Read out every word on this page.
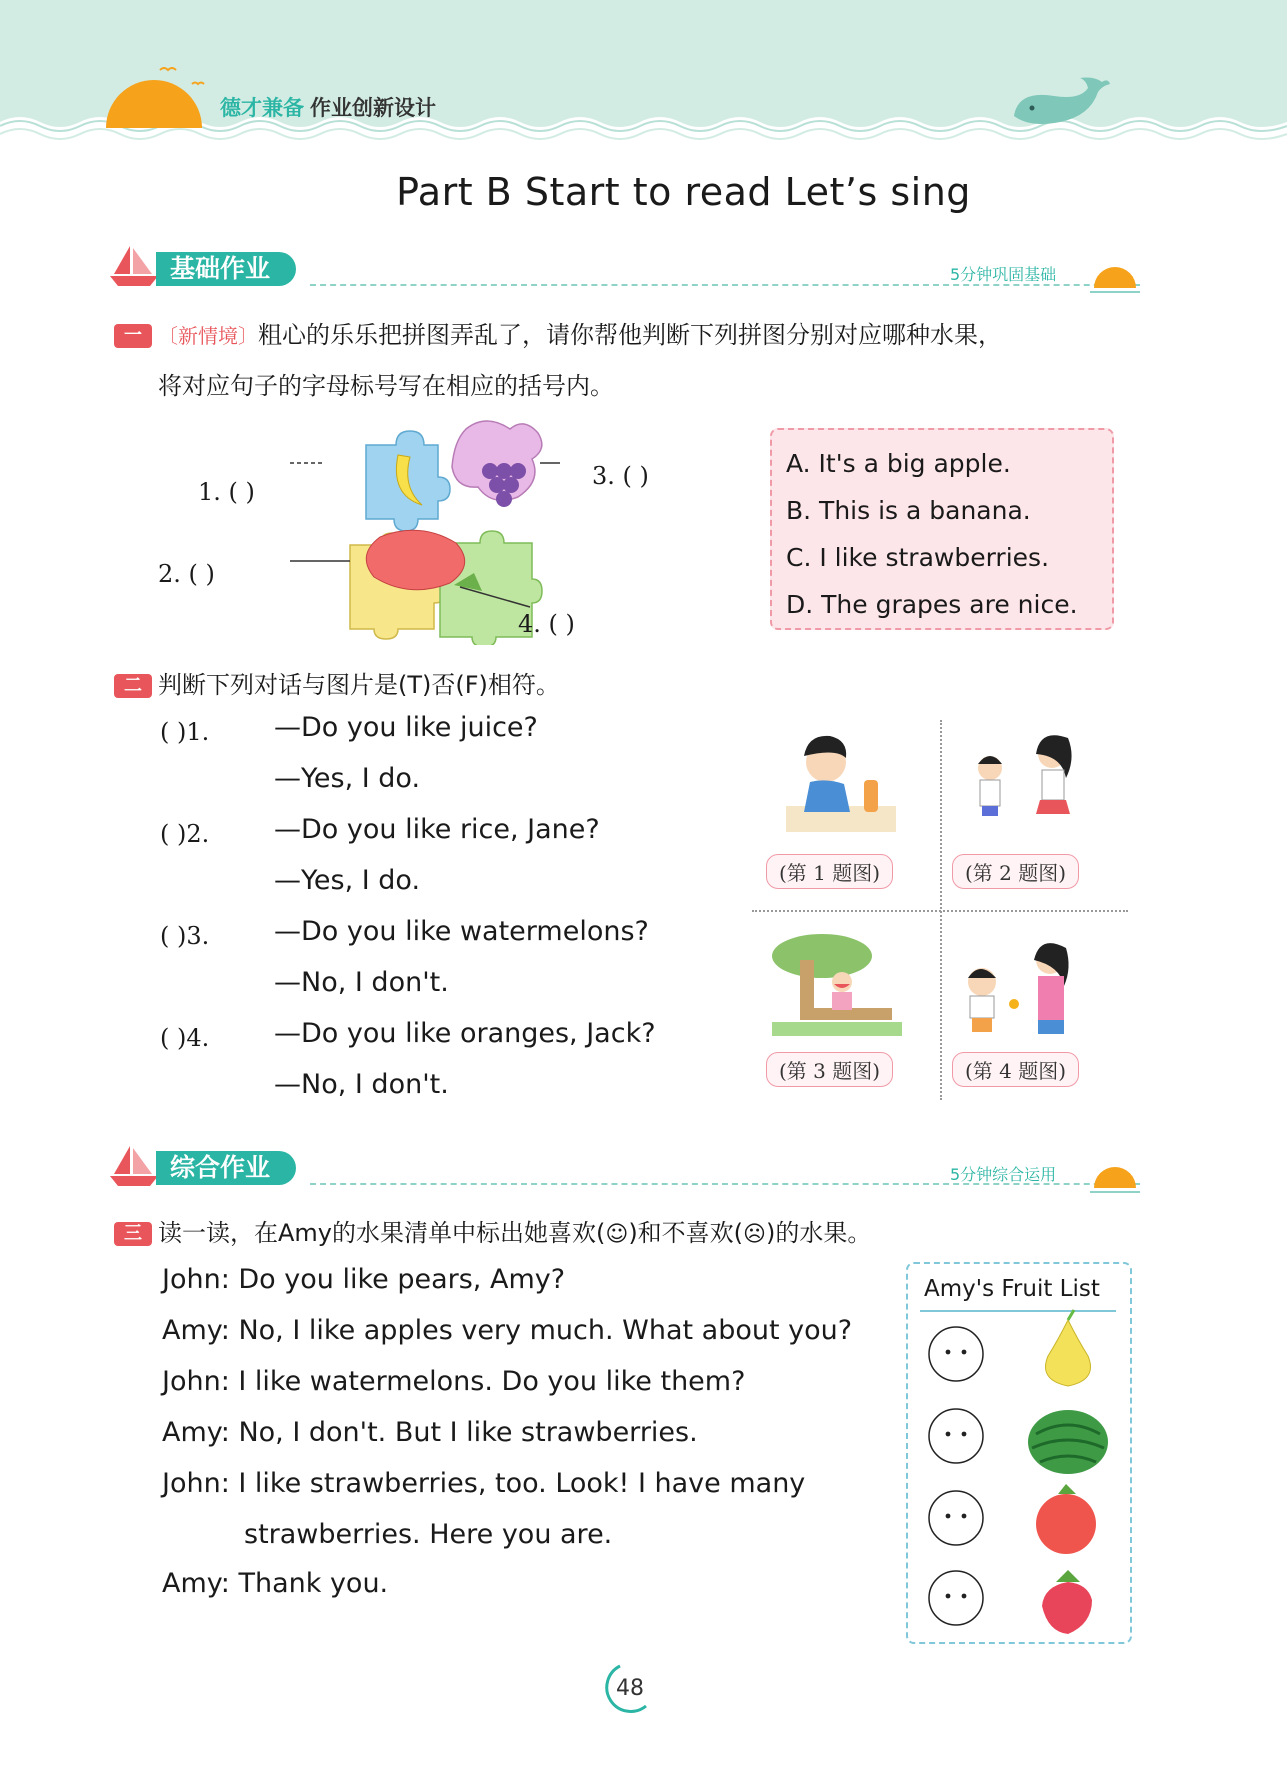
德才兼备 作业创新设计
Part B Start to read Let’s sing
基础作业	5分钟巩固基础
一 〔新情境〕粗心的乐乐把拼图弄乱了，请你帮他判断下列拼图分别对应哪种水果，
将对应句子的字母标号写在相应的括号内。
1. ( )
2. ( )
3. ( )
4. ( )
A. It's a big apple.
B. This is a banana.
C. I like strawberries.
D. The grapes are nice.
二 判断下列对话与图片是(T)否(F)相符。
( )1. —Do you like juice?
—Yes, I do.
( )2. —Do you like rice, Jane?
—Yes, I do.
( )3. —Do you like watermelons?
—No, I don't.
( )4. —Do you like oranges, Jack?
—No, I don't.
(第 1 题图)	(第 2 题图)
(第 3 题图)	(第 4 题图)
综合作业	5分钟综合运用
三 读一读，在Amy的水果清单中标出她喜欢(☺)和不喜欢(☹)的水果。
John: Do you like pears, Amy?
Amy: No, I like apples very much. What about you?
John: I like watermelons. Do you like them?
Amy: No, I don't. But I like strawberries.
John: I like strawberries, too. Look! I have many
strawberries. Here you are.
Amy: Thank you.
Amy's Fruit List
48
